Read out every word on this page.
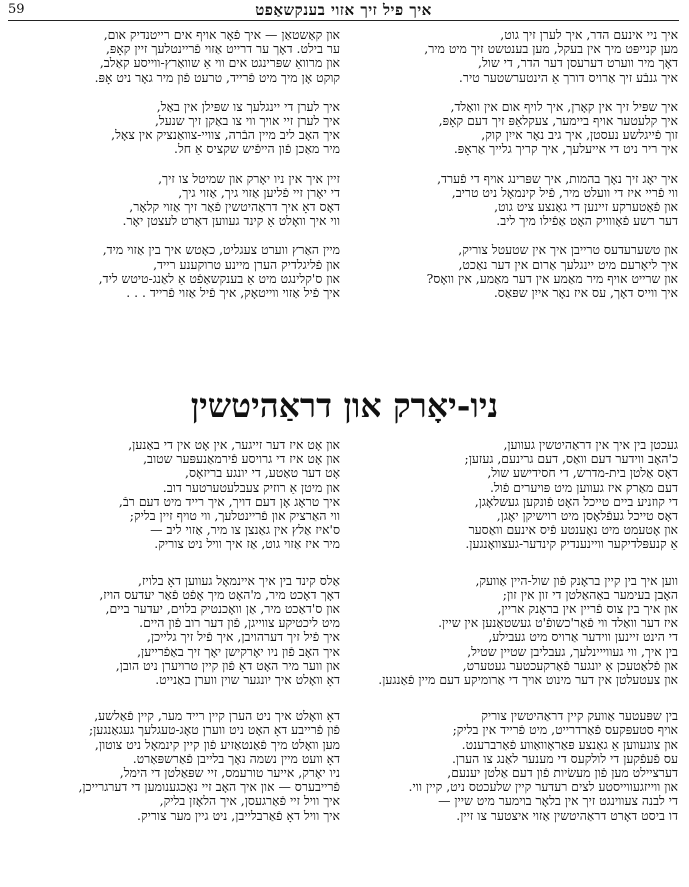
59	איך פיל זיך אזוי בענקשאַפט
איך ניי אינעם הדר, איך לערן זיך גוט,
מען קנייפּט מיך אין בעקל, מען בענטשט זיך מיט מיר,
דאָך מיר ווערט דערעסן דער הדר, די שול,
איך גנבֿע זיך אַרויס דורך אַ הינטערשטער טיר.
איך שפּיל זיך אין קאָרן, איך לויף אום אין וואַלד,
איך קלעטער אויף ביימער, צעקלאַפּ זיך דעם קאָפּ,
זוך פֿייגלשע נעסטן, איך גיב נאָר אייִן קוק,
איך ריר ניט די אייעלעך, איך קריך גלייך אַראָפּ.
איך יאָג זיך נאָך בהמות, איך שפּרינג אויף די פֿערד,
ווי פֿריי איז די וועלט מיר, פֿיל קינמאָל ניט טריב,
און פֿאַטערקע זיינען די גאַנצע ציט גוט,
דער רשע פֿאָווויק האָט אַפֿילו מיך ליב.
און טשערעדעס טרייבן איך אין שטעטל צוריק,
איך ליאָרעם מיט יינגלעך אַרום אין דער נאַכט,
און שרייט אויף מיר מאַמע אין דער מאַמע, אין וואָס?
איך ווייס דאָך, עס איז נאָר אייִן שפּאַס.
און קאַשטאַן — איך פֿאָר אויף אים רייטנדיק אום,
ער בילט. דאָך ער דרייט אַזוי פֿריינטלעך זיין קאָפּ,
און מרוואַ שפּרינגט אים ווי אַ שוואַרץ-ווייסע קאַלב,
קוקט אָן מיך מיט פֿרייד, טרעט פֿון מיר גאָר ניט אָפּ.
איך לערן די יינגלעך צו שפּילן אין באַל,
איך לערן זיי אויך ווי צו באַקן זיך שנעל,
איך האָב ליב מיין הבֿרה, צוויי-צוואַנציק אין צאָל,
מיר מאַכן פֿון הייפֿיש שקציס אַ חל.
זיין איך אין ניו יאָרק און שמיטל צו זיך,
די יאָרן זיי פֿליען אַזוי גיך, אַזוי גיך,
דאָס דאָ איך דראַהיטשין פֿאַר זיך אַזוי קלאָר,
ווי איך וואָלט אַ קינד געווען דאָרט לעצטן יאָר.
מיין האַרץ ווערט צעגליט, כאָטש איך בין אַזוי מיד,
און פֿליגלדיק הערן מיינע טרוקענע רייד,
און ס'קלינגט מיט אַ בענקשאַפֿט אַ לאַנג-טיטש ליד,
איך פֿיל אַזוי ווייטאָק, איך פֿיל אַזוי פֿרייד . . .
ניו-יאָרק און דראַהיטשין
געכטן בין איך אין דראַהיטשין געווען,
כ'האָב ווידער דעם וואַס, דעם גרינעם, געזען;
דאָס אַלטן בית-מדרש, די חסידישע שול,
דעם מאַרק איז געווען מיט פּויערים פֿול.
די קוזניע ביים טייכל האָט פֿונקען געשלאָגן,
דאָס טייכל געפֿלאָסן מיט רוישיקן יאָגן,
און אָטעמט מיט נאָענטע פֿיס אינעם וואַסער
אַ קנעפּלדיקער וויינענדיק קינדער-געצוואָנגען.
ווען איך בין קיין בראָנק פֿון שול-היין אַוועק,
האָבן בעימער באַהאַלטן די זון אין זון;
און איך בין צוס פֿריין אין בראָנק אריין,
איז דער וואַלד ווי פֿאַר'כשופֿ'ט געשטאַנען אין שיין.
די הינט זיינען ווידער אַרויס מיט געבילע,
בין איך, ווי געווייינלעך, געבליבן שטיין שטיל,
און פֿלאַטעכן אַ יונגער פֿאַרקעכטער געטערט,
און צעטעלטן אין דער מינוט אויך די אַרומיקע דעם מיין פֿאַנגען.
בין שפּעטער אַוועק קיין דראַהיטשין צוריק
אויף סטעפּקעס פֿאַרדרייט, מיט פֿרייד אין בליק;
און צוגעווען אַ גאַנצע פּאַראָוואַווע פֿאַרברענט.
עס פֿעפֿקען די לולקעס די מענער לאַנג צו הערן.
דערציילט מען פֿון מעשׂיות פֿון דעם אַלטן יענעם,
און ווייזגעווייסטע לצים רעדער קיין שלעכטס ניט, קיין ווי.
די לבנה צעווינגט זיך אין בלאָר בוימער מיט שיין —
דו ביסט דאָרט דראַהיטשין אַזוי איצטער צו זיין.
און אָט איז דער זייגער, אין אָט אין די באַנען,
און אָט איז די גרויסע פֿירמאַנעפּער שטוב,
אָט דער טאַטע, די יונגע בריזאָס,
און מיטן אַ רוזיק צעבלעטערטער דוב.
איך טראָג אָן דעם דויך, איך רייד מיט דעם רבֿ,
ווי האַרציק און פֿריינטלעך, ווי טויף זיין בליק;
ס'איז אַלץ אין גאַנצן צו מיר, אַזוי ליב —
מיר איז אַזוי גוט, אַז איך וויל ניט צוריק.
אַלס קינד בין איך איינמאָל געווען דאָ בלויז,
דאָך דאָכט מיר, מ'האָט מיך אָפֿט פֿאַר יעדעס הויז,
און ס'דאַכט מיר, אַן וואָכנטיק בלוים, יעדער ביים,
מיט ליכטיקע צווייגן, פֿון דער רוב פֿון היים.
איך פֿיל זיך דערהויבן, איך פֿיל זיך גלייכן,
איך האָב פֿון ניו יאָרקישן יאָך זיך באַפֿרייען,
און ווער מיר האָט דאָ פֿון קיין טרויערן ניט הובן,
דאָ וואָלט איך יונגער שוין ווערן באַנייט.
דאָ וואָלט איך ניט הערן קיין רייד מער, קיין פֿאַלשע,
פֿון פֿרייבע דאָ האָט ניט ווערן טאָג-טעגלעך געגאַנגען;
מען וואָלט מיך פֿאַנטאַזיע פֿון קיין קינמאָל ניט צוטון,
דאָ וועט מיין נשמה נאָך בלייבן פֿאַרשפּאַרט.
ניו יאָרק, אייער טורעמס, זיי שפּאַלטן די הימל,
פֿרייבערס — און איך האָב זיי נאָכגענומען די דערגרייכן,
איך וויל זיי פֿאַרגעסן, איך הלאָזן בליק,
איך וויל דאָ פֿאַרבלייבן, ניט גיין מער צוריק.
